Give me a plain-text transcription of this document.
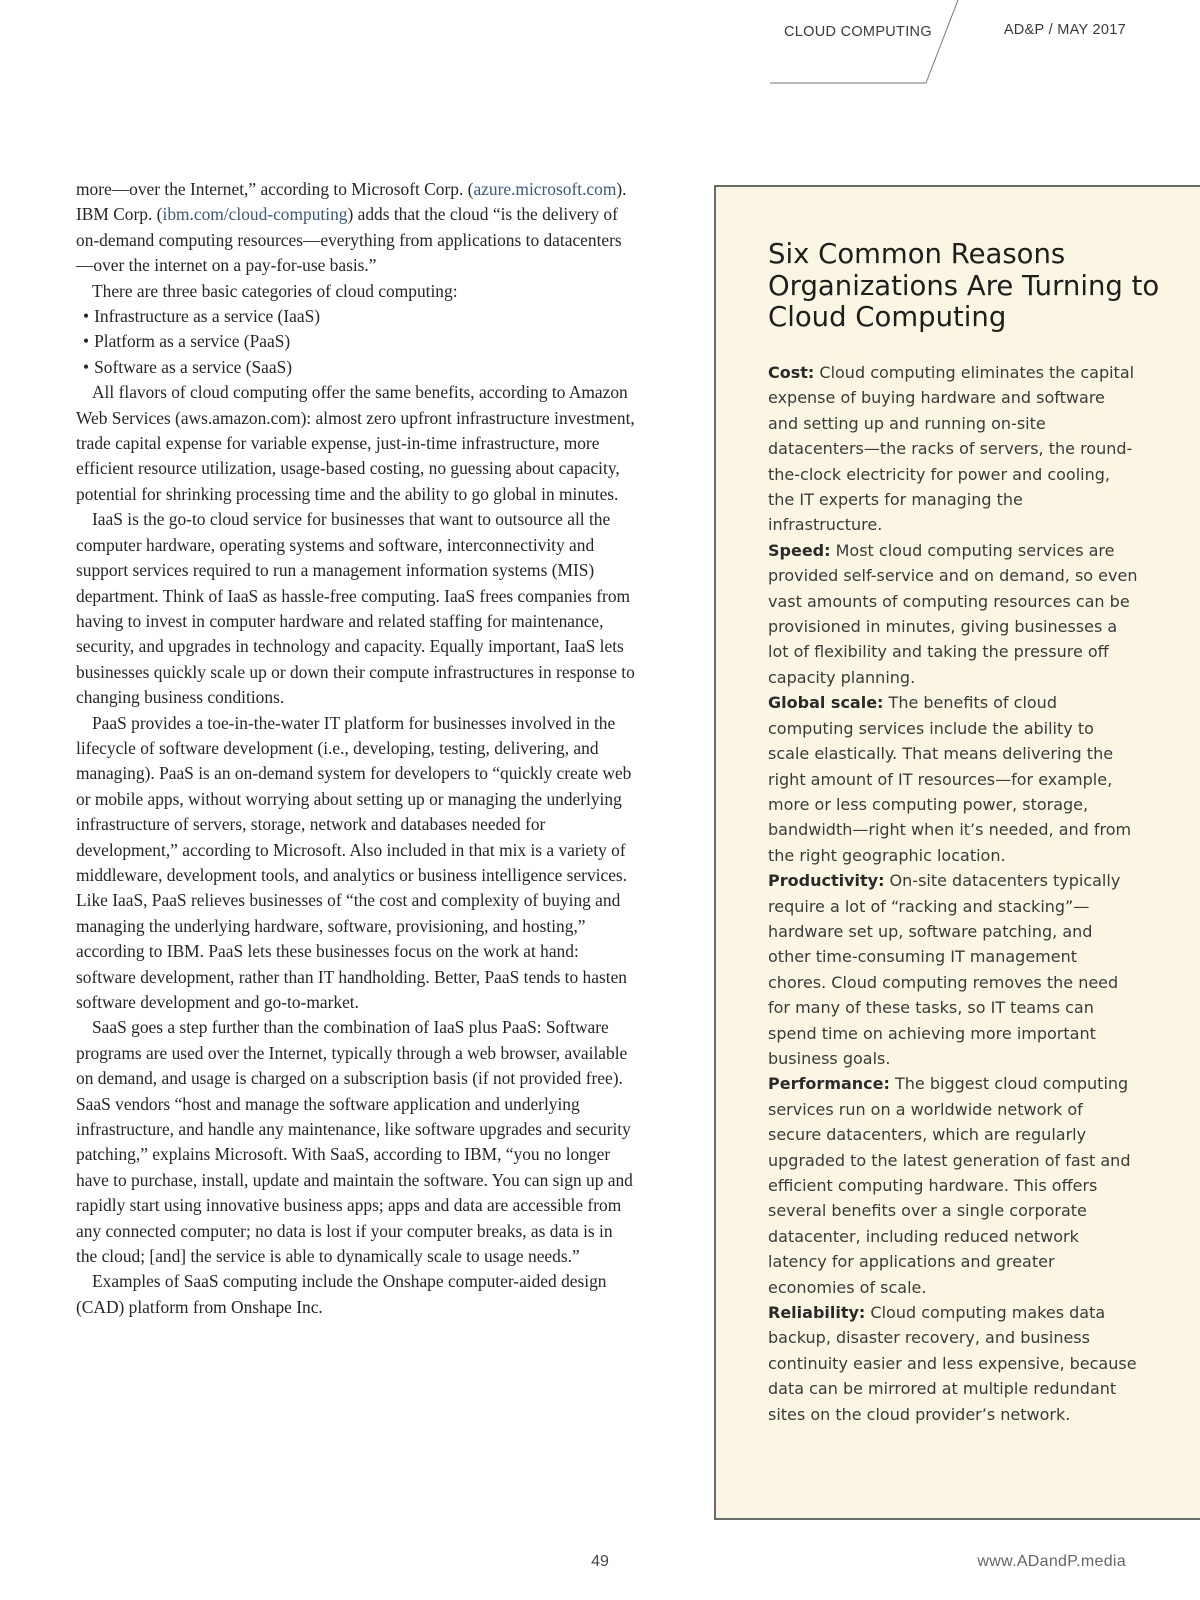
CLOUD COMPUTING	AD&P / MAY 2017

more—over the Internet,” according to Microsoft Corp. (azure.microsoft.com). IBM Corp. (ibm.com/cloud-computing) adds that the cloud “is the delivery of on-demand computing resources—everything from applications to datacenters—over the internet on a pay-for-use basis.”

There are three basic categories of cloud computing:

• Infrastructure as a service (IaaS)
• Platform as a service (PaaS)
• Software as a service (SaaS)

All flavors of cloud computing offer the same benefits, according to Amazon Web Services (aws.amazon.com): almost zero upfront infrastructure investment, trade capital expense for variable expense, just-in-time infrastructure, more efficient resource utilization, usage-based costing, no guessing about capacity, potential for shrinking processing time and the ability to go global in minutes.

IaaS is the go-to cloud service for businesses that want to outsource all the computer hardware, operating systems and software, interconnectivity and support services required to run a management information systems (MIS) department. Think of IaaS as hassle-free computing. IaaS frees companies from having to invest in computer hardware and related staffing for maintenance, security, and upgrades in technology and capacity. Equally important, IaaS lets businesses quickly scale up or down their compute infrastructures in response to changing business conditions.

PaaS provides a toe-in-the-water IT platform for businesses involved in the lifecycle of software development (i.e., developing, testing, delivering, and managing). PaaS is an on-demand system for developers to “quickly create web or mobile apps, without worrying about setting up or managing the underlying infrastructure of servers, storage, network and databases needed for development,” according to Microsoft. Also included in that mix is a variety of middleware, development tools, and analytics or business intelligence services. Like IaaS, PaaS relieves businesses of “the cost and complexity of buying and managing the underlying hardware, software, provisioning, and hosting,” according to IBM. PaaS lets these businesses focus on the work at hand: software development, rather than IT handholding. Better, PaaS tends to hasten software development and go-to-market.

SaaS goes a step further than the combination of IaaS plus PaaS: Software programs are used over the Internet, typically through a web browser, available on demand, and usage is charged on a subscription basis (if not provided free). SaaS vendors “host and manage the software application and underlying infrastructure, and handle any maintenance, like software upgrades and security patching,” explains Microsoft. With SaaS, according to IBM, “you no longer have to purchase, install, update and maintain the software. You can sign up and rapidly start using innovative business apps; apps and data are accessible from any connected computer; no data is lost if your computer breaks, as data is in the cloud; [and] the service is able to dynamically scale to usage needs.”

Examples of SaaS computing include the Onshape computer-aided design (CAD) platform from Onshape Inc.

Six Common Reasons Organizations Are Turning to Cloud Computing

Cost: Cloud computing eliminates the capital expense of buying hardware and software and setting up and running on-site datacenters—the racks of servers, the round-the-clock electricity for power and cooling, the IT experts for managing the infrastructure.

Speed: Most cloud computing services are provided self-service and on demand, so even vast amounts of computing resources can be provisioned in minutes, giving businesses a lot of flexibility and taking the pressure off capacity planning.

Global scale: The benefits of cloud computing services include the ability to scale elastically. That means delivering the right amount of IT resources—for example, more or less computing power, storage, bandwidth—right when it’s needed, and from the right geographic location.

Productivity: On-site datacenters typically require a lot of “racking and stacking”—hardware set up, software patching, and other time-consuming IT management chores. Cloud computing removes the need for many of these tasks, so IT teams can spend time on achieving more important business goals.

Performance: The biggest cloud computing services run on a worldwide network of secure datacenters, which are regularly upgraded to the latest generation of fast and efficient computing hardware. This offers several benefits over a single corporate datacenter, including reduced network latency for applications and greater economies of scale.

Reliability: Cloud computing makes data backup, disaster recovery, and business continuity easier and less expensive, because data can be mirrored at multiple redundant sites on the cloud provider’s network.

49	www.ADandP.media
